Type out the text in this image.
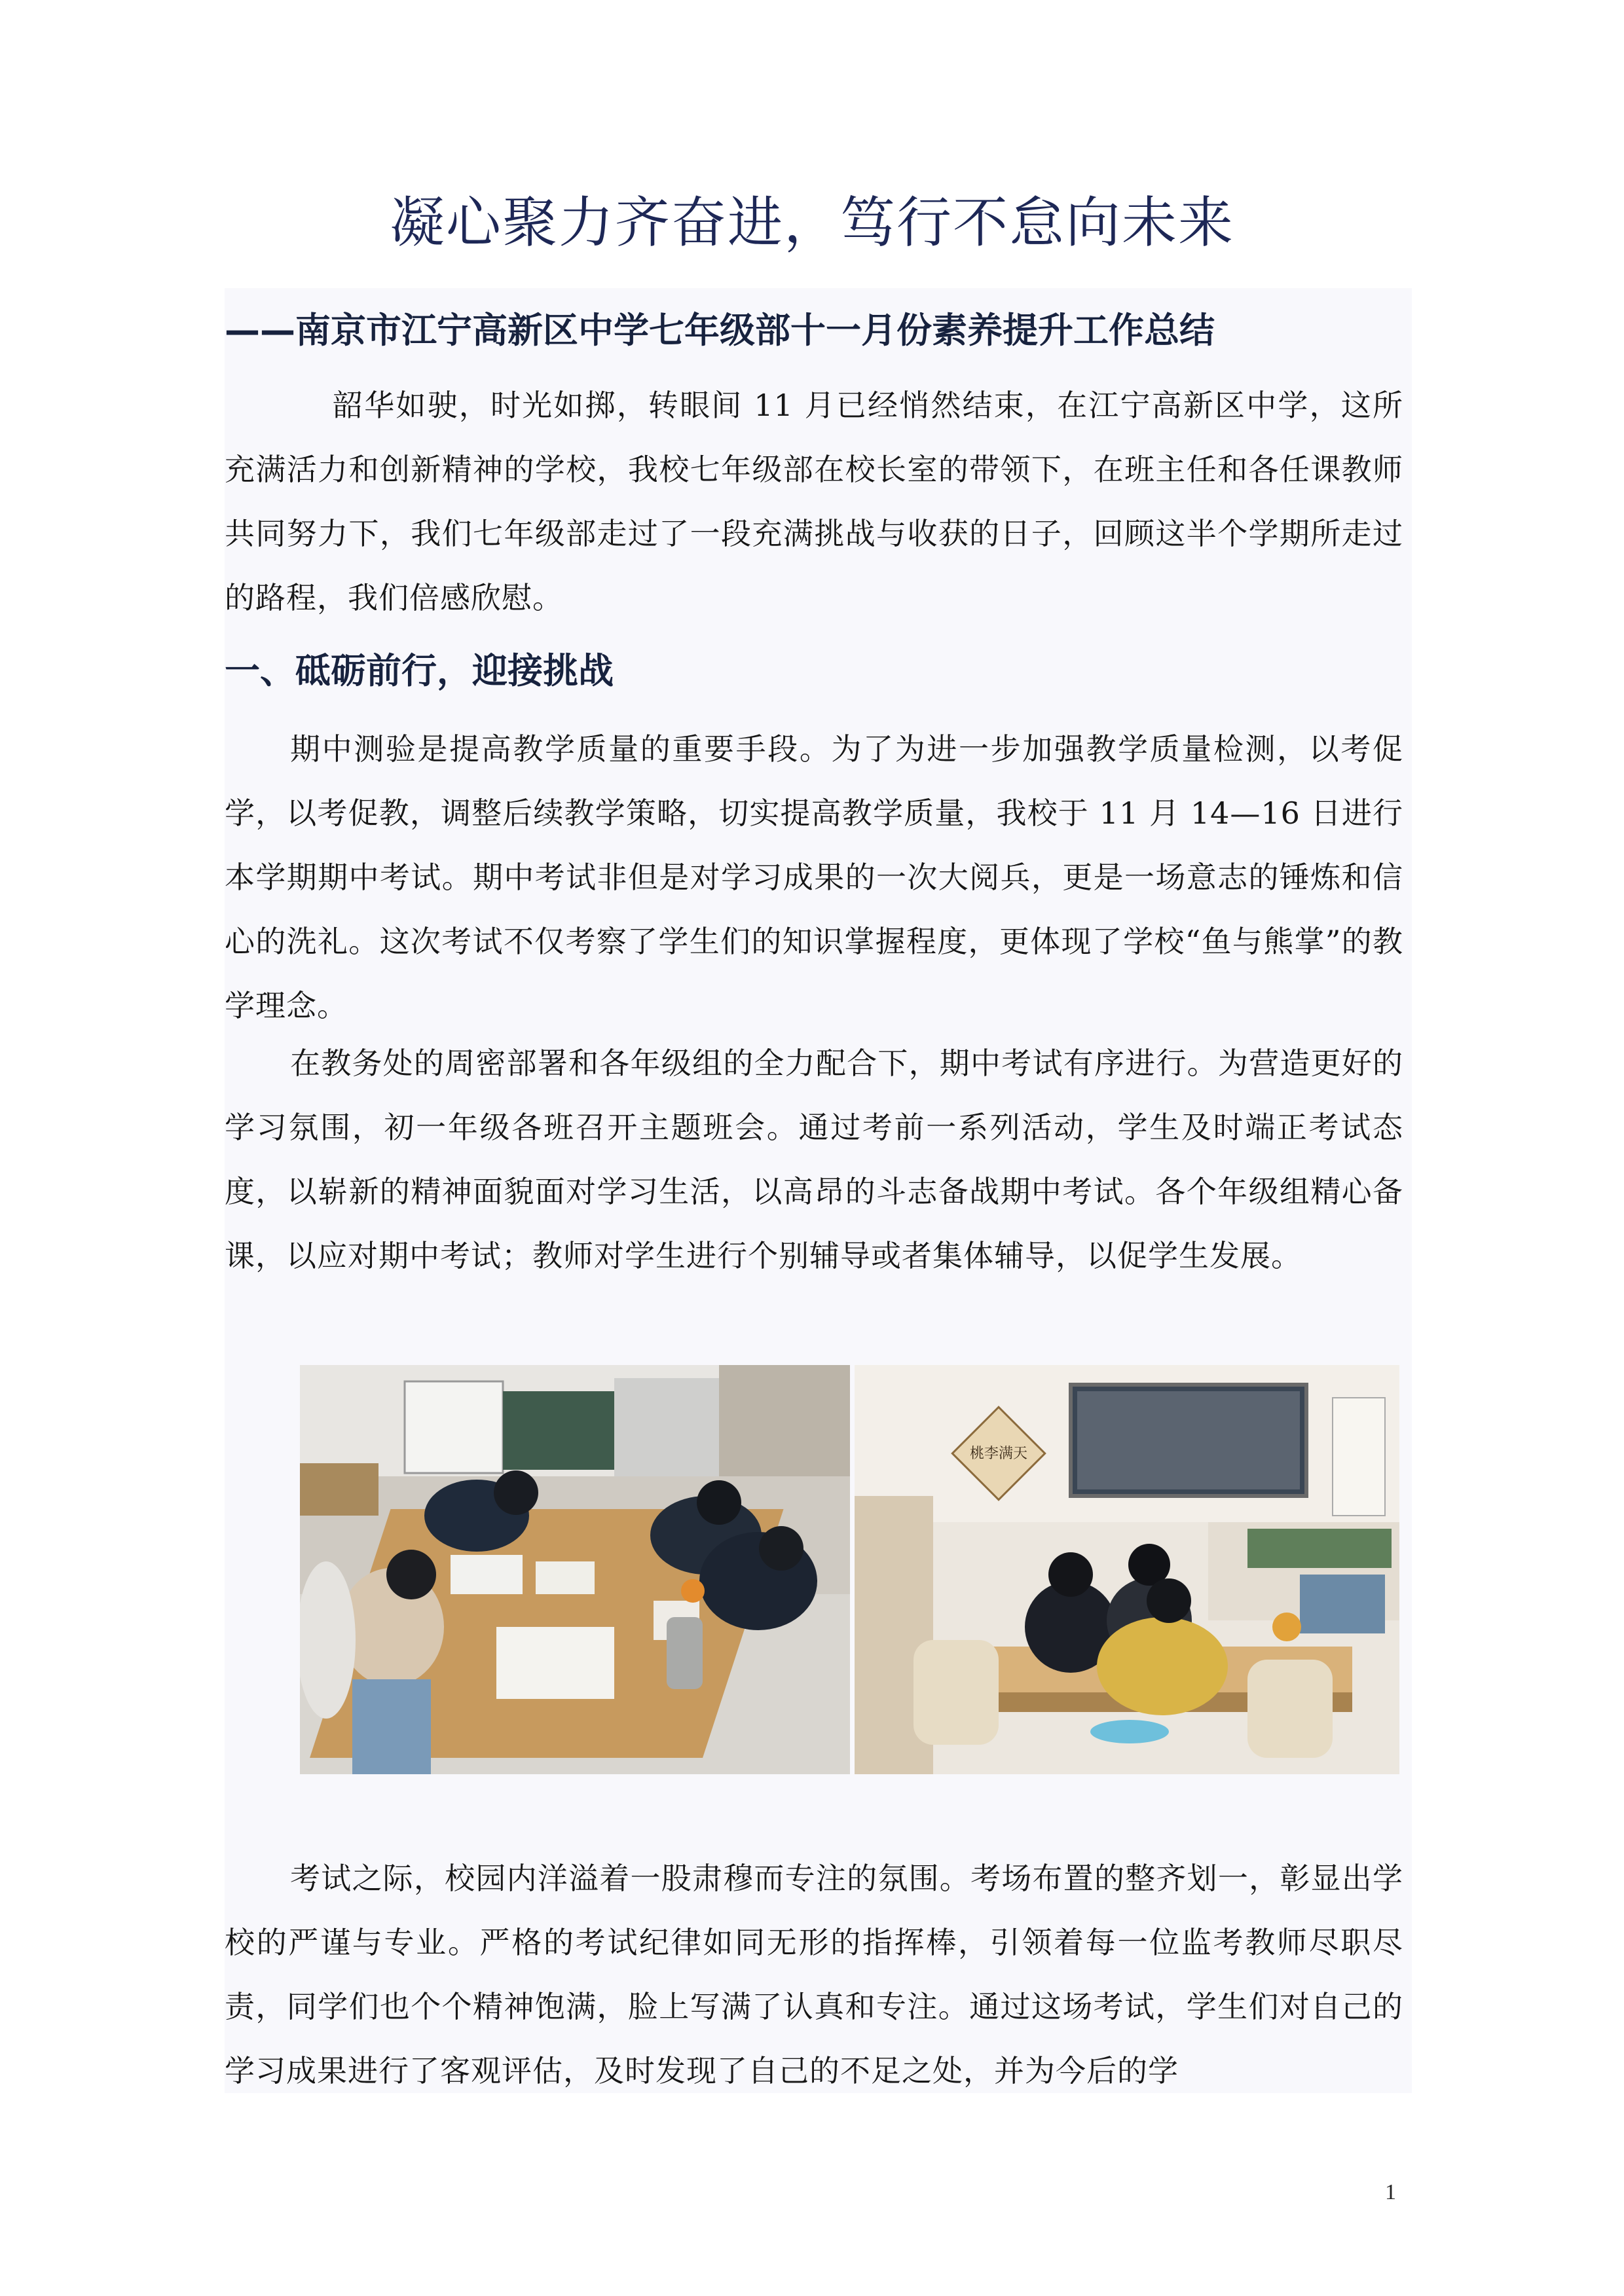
凝心聚力齐奋进，笃行不怠向未来
——南京市江宁高新区中学七年级部十一月份素养提升工作总结

韶华如驶，时光如掷，转眼间 11 月已经悄然结束，在江宁高新区中学，这所充满活力和创新精神的学校，我校七年级部在校长室的带领下，在班主任和各任课教师共同努力下，我们七年级部走过了一段充满挑战与收获的日子，回顾这半个学期所走过的路程，我们倍感欣慰。

一、砥砺前行，迎接挑战

期中测验是提高教学质量的重要手段。为了为进一步加强教学质量检测，以考促学，以考促教，调整后续教学策略，切实提高教学质量，我校于 11 月 14—16 日进行本学期期中考试。期中考试非但是对学习成果的一次大阅兵，更是一场意志的锤炼和信心的洗礼。这次考试不仅考察了学生们的知识掌握程度，更体现了学校“鱼与熊掌”的教学理念。

在教务处的周密部署和各年级组的全力配合下，期中考试有序进行。为营造更好的学习氛围，初一年级各班召开主题班会。通过考前一系列活动，学生及时端正考试态度，以崭新的精神面貌面对学习生活，以高昂的斗志备战期中考试。各个年级组精心备课，以应对期中考试；教师对学生进行个别辅导或者集体辅导，以促学生发展。

桃李满天

考试之际，校园内洋溢着一股肃穆而专注的氛围。考场布置的整齐划一，彰显出学校的严谨与专业。严格的考试纪律如同无形的指挥棒，引领着每一位监考教师尽职尽责，同学们也个个精神饱满，脸上写满了认真和专注。通过这场考试，学生们对自己的学习成果进行了客观评估，及时发现了自己的不足之处，并为今后的学

1
